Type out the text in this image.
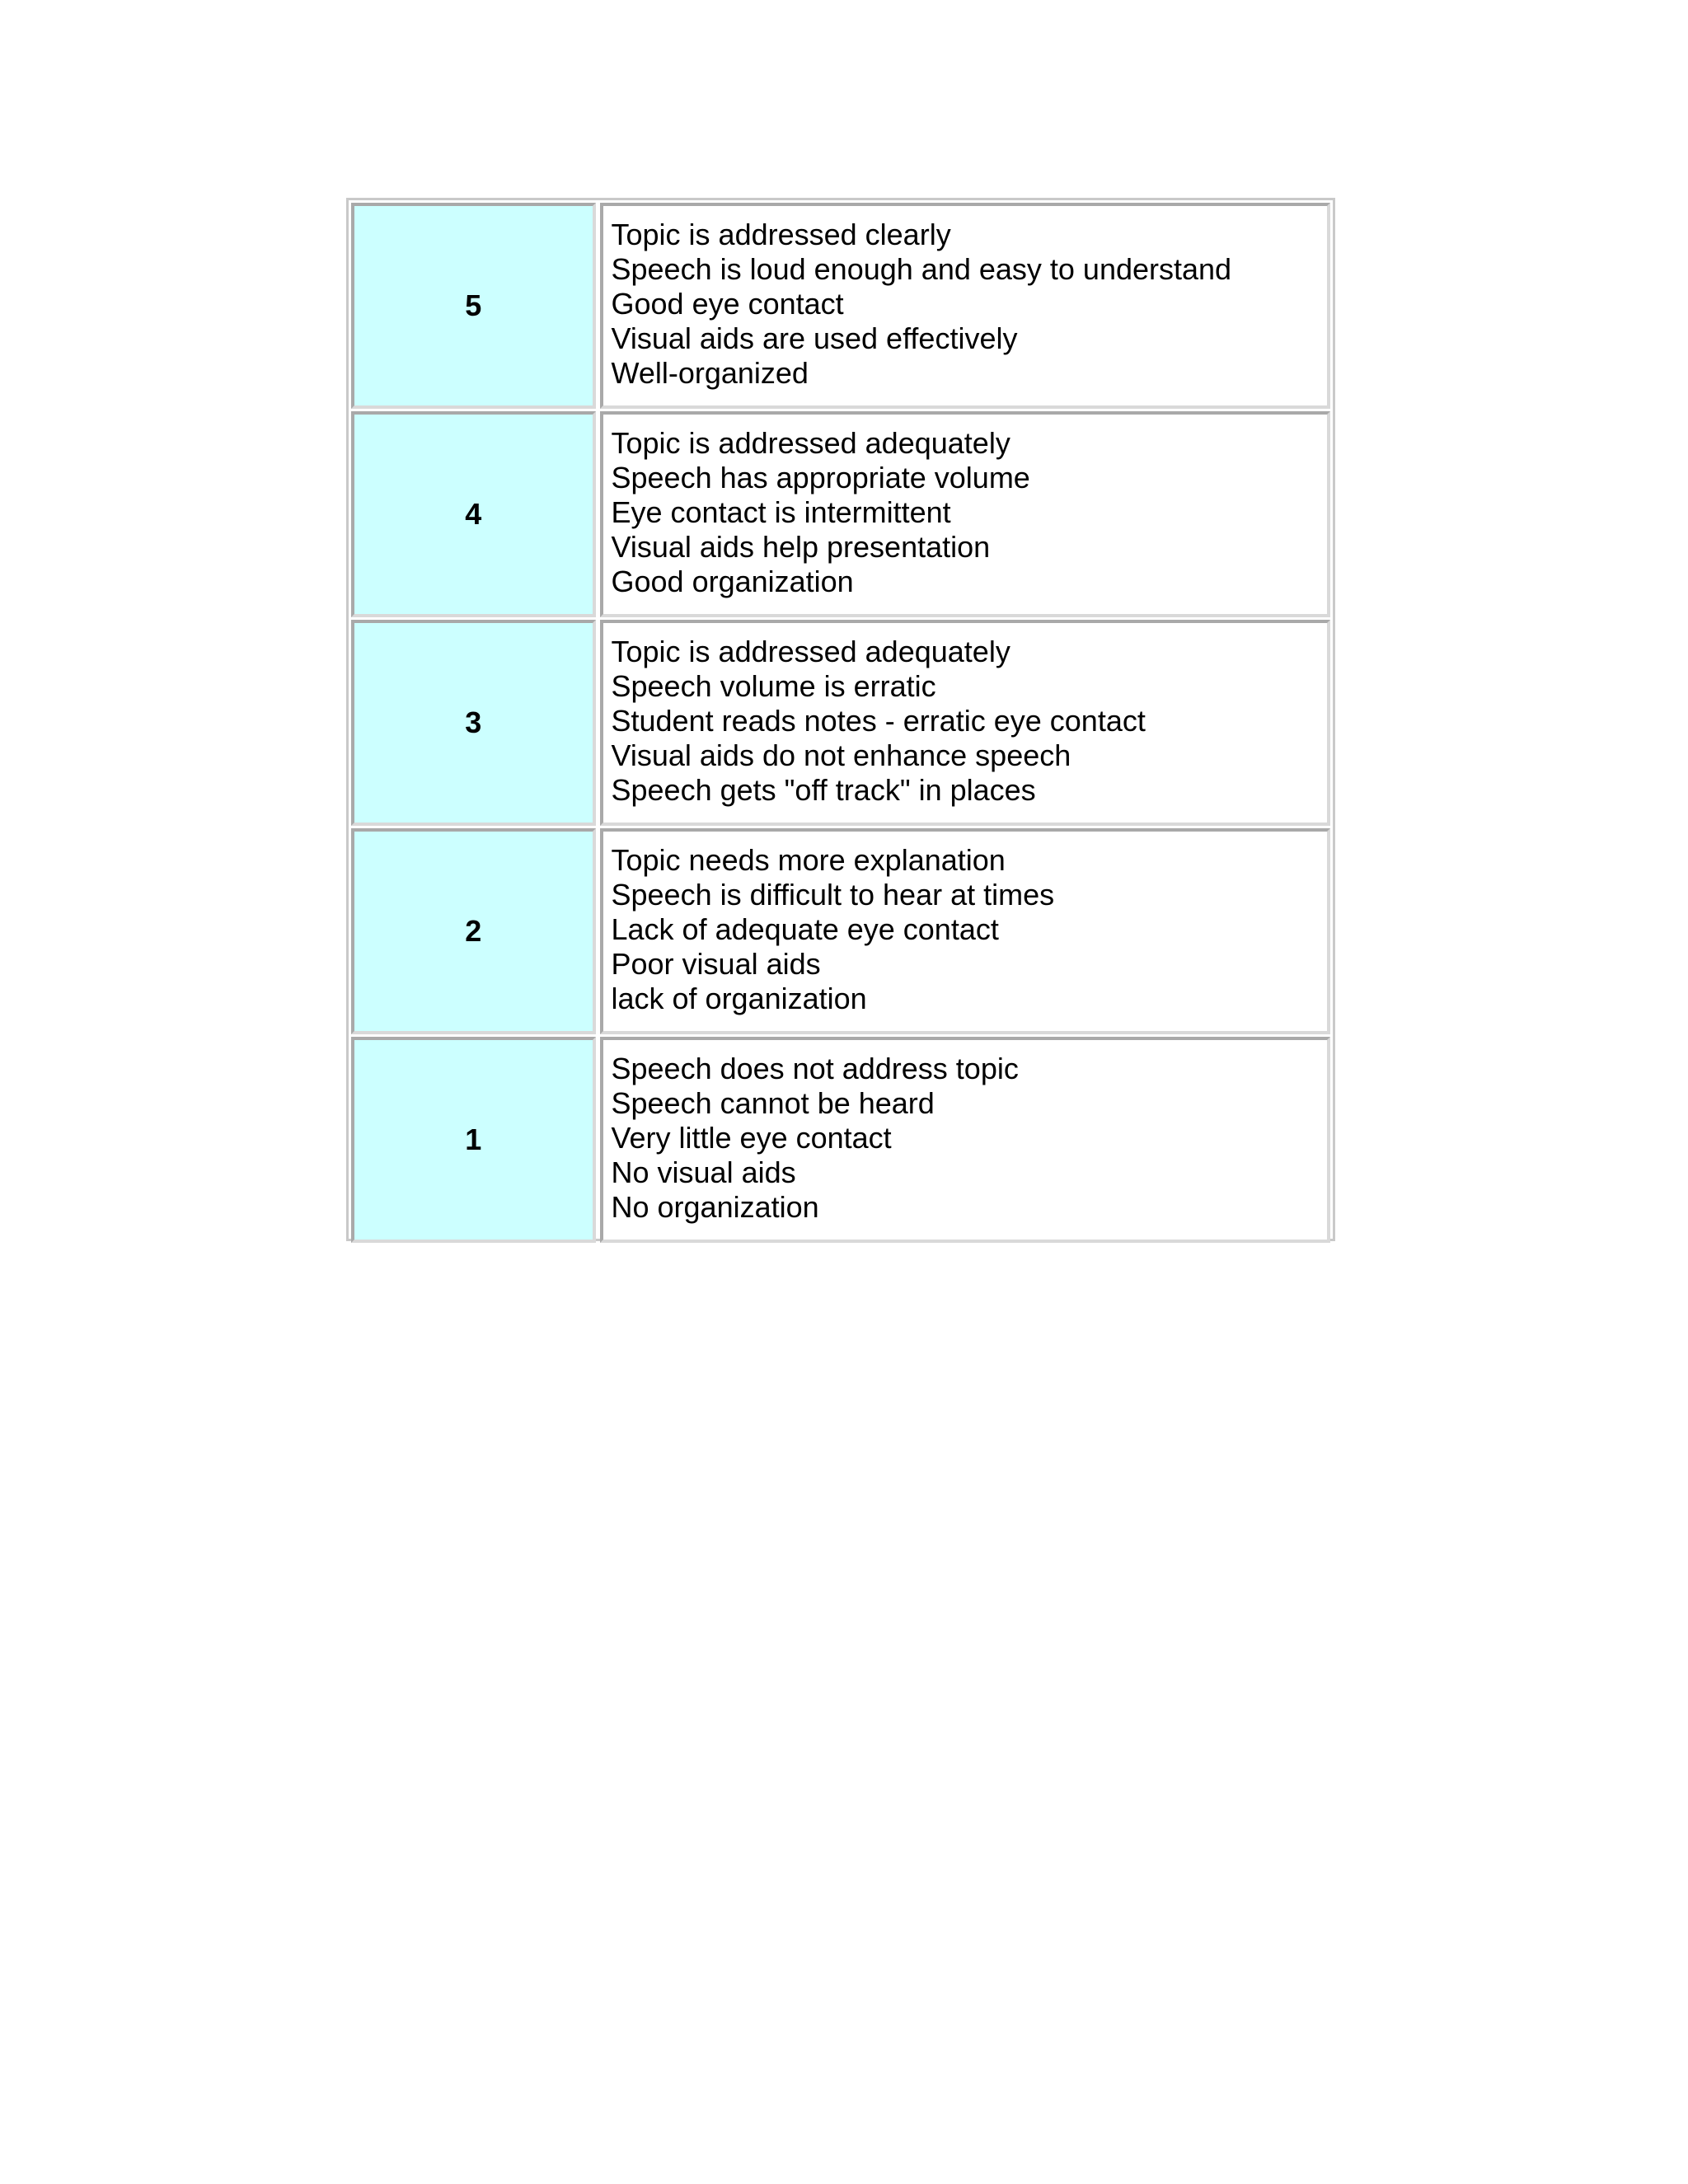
5
Topic is addressed clearly
Speech is loud enough and easy to understand
Good eye contact
Visual aids are used effectively
Well-organized
4
Topic is addressed adequately
Speech has appropriate volume
Eye contact is intermittent
Visual aids help presentation
Good organization
3
Topic is addressed adequately
Speech volume is erratic
Student reads notes - erratic eye contact
Visual aids do not enhance speech
Speech gets "off track" in places
2
Topic needs more explanation
Speech is difficult to hear at times
Lack of adequate eye contact
Poor visual aids
lack of organization
1
Speech does not address topic
Speech cannot be heard
Very little eye contact
No visual aids
No organization
